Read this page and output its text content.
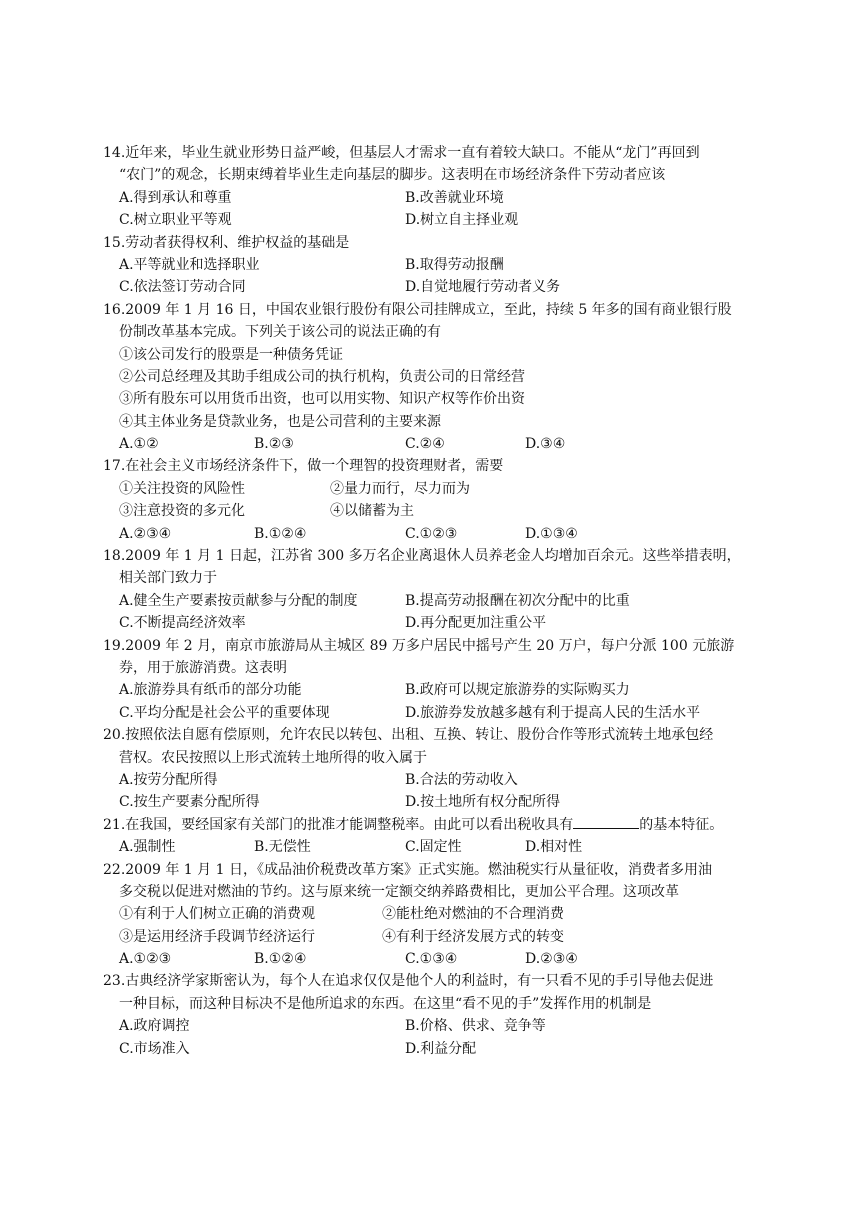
14.近年来，毕业生就业形势日益严峻，但基层人才需求一直有着较大缺口。不能从“龙门”再回到
“农门”的观念，长期束缚着毕业生走向基层的脚步。这表明在市场经济条件下劳动者应该
A.得到承认和尊重	B.改善就业环境
C.树立职业平等观	D.树立自主择业观
15.劳动者获得权利、维护权益的基础是
A.平等就业和选择职业	B.取得劳动报酬
C.依法签订劳动合同	D.自觉地履行劳动者义务
16.2009 年 1 月 16 日，中国农业银行股份有限公司挂牌成立，至此，持续 5 年多的国有商业银行股
份制改革基本完成。下列关于该公司的说法正确的有
①该公司发行的股票是一种债务凭证
②公司总经理及其助手组成公司的执行机构，负责公司的日常经营
③所有股东可以用货币出资，也可以用实物、知识产权等作价出资
④其主体业务是贷款业务，也是公司营利的主要来源
A.①②	B.②③	C.②④	D.③④
17.在社会主义市场经济条件下，做一个理智的投资理财者，需要
①关注投资的风险性	②量力而行，尽力而为
③注意投资的多元化	④以储蓄为主
A.②③④	B.①②④	C.①②③	D.①③④
18.2009 年 1 月 1 日起，江苏省 300 多万名企业离退休人员养老金人均增加百余元。这些举措表明，
相关部门致力于
A.健全生产要素按贡献参与分配的制度	B.提高劳动报酬在初次分配中的比重
C.不断提高经济效率	D.再分配更加注重公平
19.2009 年 2 月，南京市旅游局从主城区 89 万多户居民中摇号产生 20 万户，每户分派 100 元旅游
券，用于旅游消费。这表明
A.旅游券具有纸币的部分功能	B.政府可以规定旅游券的实际购买力
C.平均分配是社会公平的重要体现	D.旅游券发放越多越有利于提高人民的生活水平
20.按照依法自愿有偿原则，允许农民以转包、出租、互换、转让、股份合作等形式流转土地承包经
营权。农民按照以上形式流转土地所得的收入属于
A.按劳分配所得	B.合法的劳动收入
C.按生产要素分配所得	D.按土地所有权分配所得
21.在我国，要经国家有关部门的批准才能调整税率。由此可以看出税收具有	的基本特征。
A.强制性	B.无偿性	C.固定性	D.相对性
22.2009 年 1 月 1 日，《成品油价税费改革方案》正式实施。燃油税实行从量征收，消费者多用油
多交税以促进对燃油的节约。这与原来统一定额交纳养路费相比，更加公平合理。这项改革
①有利于人们树立正确的消费观	②能杜绝对燃油的不合理消费
③是运用经济手段调节经济运行	④有利于经济发展方式的转变
A.①②③	B.①②④	C.①③④	D.②③④
23.古典经济学家斯密认为，每个人在追求仅仅是他个人的利益时，有一只看不见的手引导他去促进
一种目标，而这种目标决不是他所追求的东西。在这里“看不见的手”发挥作用的机制是
A.政府调控	B.价格、供求、竞争等
C.市场准入	D.利益分配
